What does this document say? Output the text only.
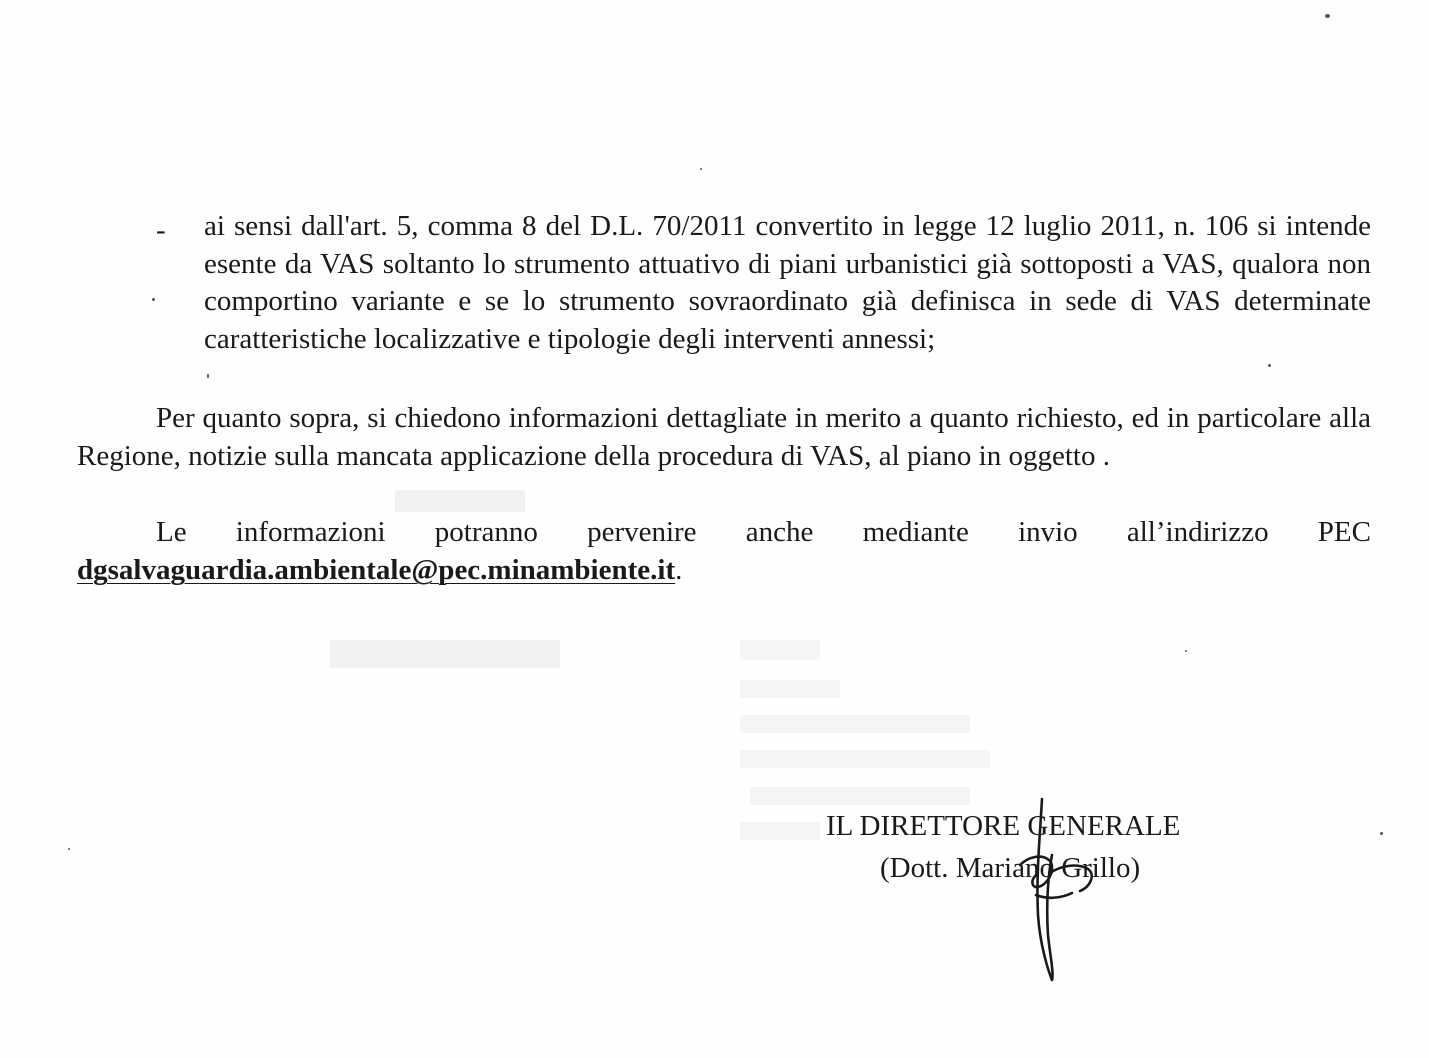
- ai sensi dall'art. 5, comma 8 del D.L. 70/2011 convertito in legge 12 luglio 2011, n. 106 si intende esente da VAS soltanto lo strumento attuativo di piani urbanistici già sottoposti a VAS, qualora non comportino variante e se lo strumento sovraordinato già definisca in sede di VAS determinate caratteristiche localizzative e tipologie degli interventi annessi;
Per quanto sopra, si chiedono informazioni dettagliate in merito a quanto richiesto, ed in particolare alla Regione, notizie sulla mancata applicazione della procedura di VAS, al piano in oggetto .
Le informazioni potranno pervenire anche mediante invio all’indirizzo PEC
dgsalvaguardia.ambientale@pec.minambiente.it.
IL DIRETTORE GENERALE
(Dott. Mariano Grillo)
